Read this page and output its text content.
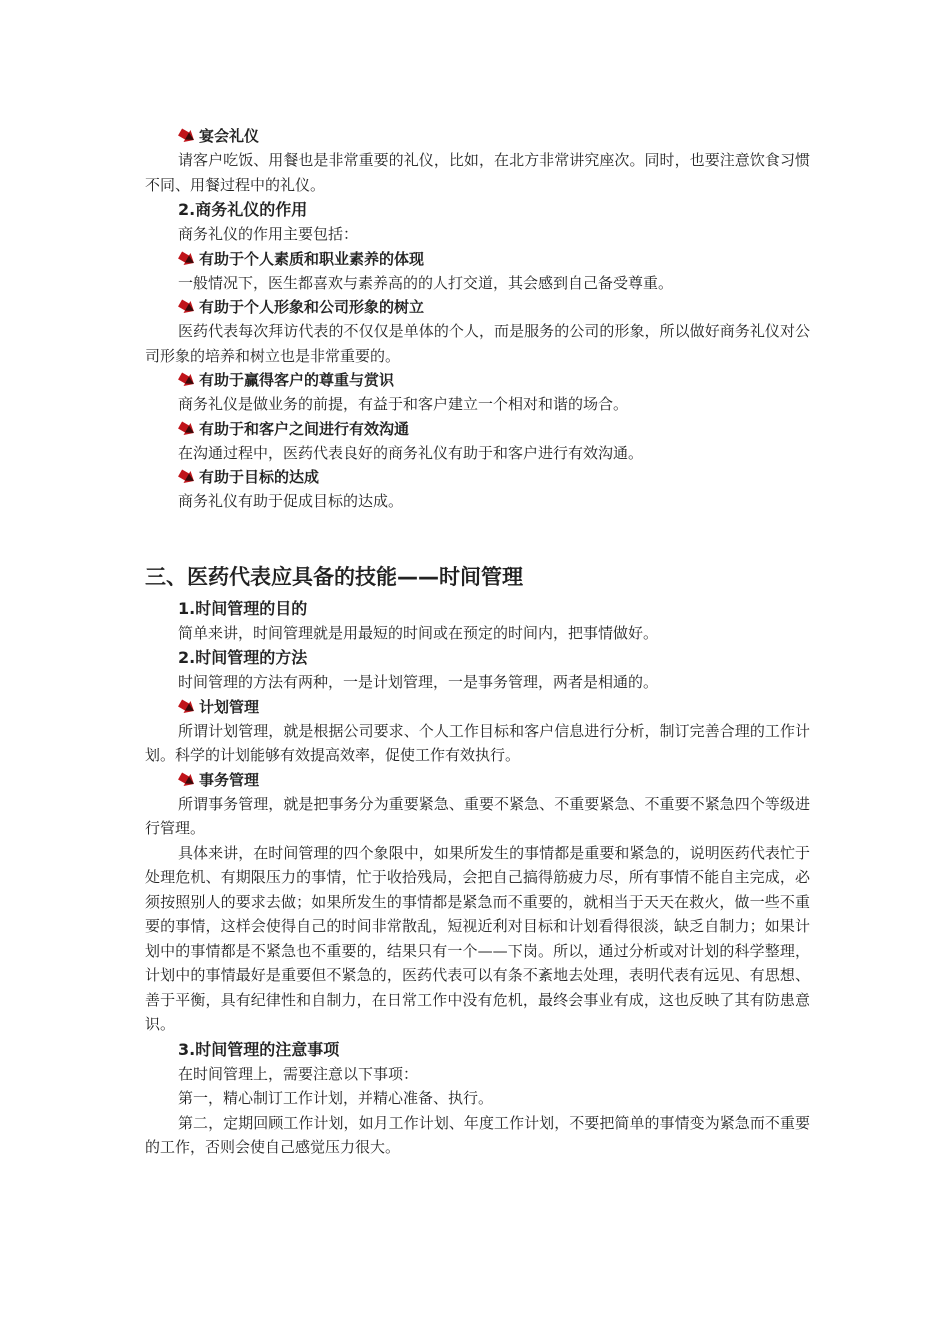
宴会礼仪

请客户吃饭、用餐也是非常重要的礼仪，比如，在北方非常讲究座次。同时，也要注意饮食习惯不同、用餐过程中的礼仪。

2.商务礼仪的作用

商务礼仪的作用主要包括：

有助于个人素质和职业素养的体现

一般情况下，医生都喜欢与素养高的的人打交道，其会感到自己备受尊重。

有助于个人形象和公司形象的树立

医药代表每次拜访代表的不仅仅是单体的个人，而是服务的公司的形象，所以做好商务礼仪对公司形象的培养和树立也是非常重要的。

有助于赢得客户的尊重与赏识

商务礼仪是做业务的前提，有益于和客户建立一个相对和谐的场合。

有助于和客户之间进行有效沟通

在沟通过程中，医药代表良好的商务礼仪有助于和客户进行有效沟通。

有助于目标的达成

商务礼仪有助于促成目标的达成。

三、医药代表应具备的技能——时间管理
1.时间管理的目的

简单来讲，时间管理就是用最短的时间或在预定的时间内，把事情做好。

2.时间管理的方法

时间管理的方法有两种，一是计划管理，一是事务管理，两者是相通的。

计划管理

所谓计划管理，就是根据公司要求、个人工作目标和客户信息进行分析，制订完善合理的工作计划。科学的计划能够有效提高效率，促使工作有效执行。

事务管理

所谓事务管理，就是把事务分为重要紧急、重要不紧急、不重要紧急、不重要不紧急四个等级进行管理。

具体来讲，在时间管理的四个象限中，如果所发生的事情都是重要和紧急的，说明医药代表忙于处理危机、有期限压力的事情，忙于收拾残局，会把自己搞得筋疲力尽，所有事情不能自主完成，必须按照别人的要求去做；如果所发生的事情都是紧急而不重要的，就相当于天天在救火，做一些不重要的事情，这样会使得自己的时间非常散乱，短视近利对目标和计划看得很淡，缺乏自制力；如果计划中的事情都是不紧急也不重要的，结果只有一个——下岗。所以，通过分析或对计划的科学整理，计划中的事情最好是重要但不紧急的，医药代表可以有条不紊地去处理，表明代表有远见、有思想、善于平衡，具有纪律性和自制力，在日常工作中没有危机，最终会事业有成，这也反映了其有防患意识。

3.时间管理的注意事项

在时间管理上，需要注意以下事项：

第一，精心制订工作计划，并精心准备、执行。

第二，定期回顾工作计划，如月工作计划、年度工作计划，不要把简单的事情变为紧急而不重要的工作，否则会使自己感觉压力很大。
